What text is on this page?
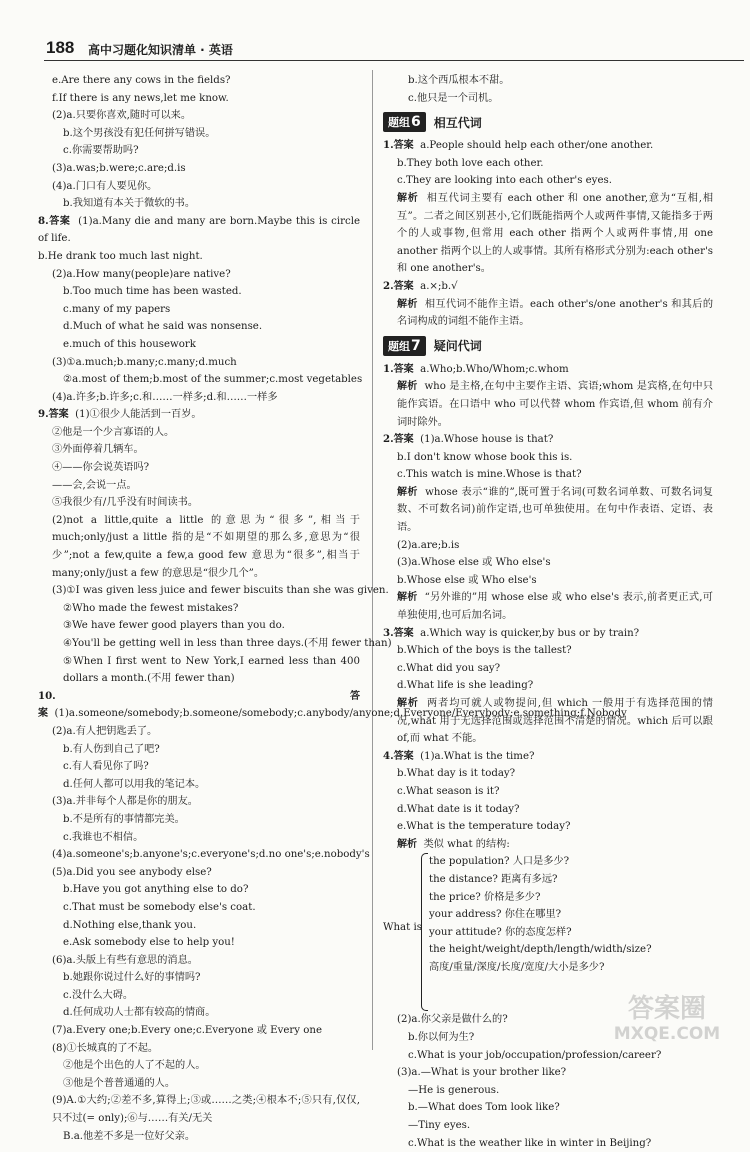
188 高中习题化知识清单 · 英语
e.Are there any cows in the fields?
f.If there is any news,let me know.
(2)a.只要你喜欢,随时可以来。
b.这个男孩没有犯任何拼写错误。
c.你需要帮助吗?
(3)a.was;b.were;c.are;d.is
(4)a.门口有人要见你。
b.我知道有本关于微软的书。
8.答案 (1)a.Many die and many are born.Maybe this is circle of life.
b.He drank too much last night.
(2)a.How many(people)are native?
b.Too much time has been wasted.
c.many of my papers
d.Much of what he said was nonsense.
e.much of this housework
(3)①a.much;b.many;c.many;d.much
②a.most of them;b.most of the summer;c.most vegetables
(4)a.许多;b.许多;c.和……一样多;d.和……一样多
9.答案 (1)①很少人能活到一百岁。
②他是一个少言寡语的人。
③外面停着几辆车。
④——你会说英语吗?
——会,会说一点。
⑤我很少有/几乎没有时间读书。
(2)not a little,quite a little 的意思为“很多”,相当于 much;only/just a little 指的是“不如期望的那么多,意思为“很少”;not a few,quite a few,a good few 意思为“很多”,相当于 many;only/just a few 的意思是“很少几个”。
(3)①I was given less juice and fewer biscuits than she was given.
②Who made the fewest mistakes?
③We have fewer good players than you do.
④You'll be getting well in less than three days.(不用 fewer than)
⑤When I first went to New York,I earned less than 400 dollars a month.(不用 fewer than)
10.答案 (1)a.someone/somebody;b.someone/somebody;c.anybody/anyone;d.Everyone/Everybody;e.something;f.Nobody
(2)a.有人把钥匙丢了。
b.有人伤到自己了吧?
c.有人看见你了吗?
d.任何人都可以用我的笔记本。
(3)a.并非每个人都是你的朋友。
b.不是所有的事情都完美。
c.我谁也不相信。
(4)a.someone's;b.anyone's;c.everyone's;d.no one's;e.nobody's
(5)a.Did you see anybody else?
b.Have you got anything else to do?
c.That must be somebody else's coat.
d.Nothing else,thank you.
e.Ask somebody else to help you!
(6)a.头版上有些有意思的消息。
b.她跟你说过什么好的事情吗?
c.没什么大碍。
d.任何成功人士都有较高的情商。
(7)a.Every one;b.Every one;c.Everyone 或 Every one
(8)①长城真的了不起。
②他是个出色的人了不起的人。
③他是个普普通通的人。
(9)A.①大约;②差不多,算得上;③或……之类;④根本不;⑤只有,仅仅,只不过(= only);⑥与……有关/无关
B.a.他差不多是一位好父亲。
b.这个西瓜根本不甜。
c.他只是一个司机。
题组6	相互代词
1.答案 a.People should help each other/one another.
b.They both love each other.
c.They are looking into each other's eyes.
解析 相互代词主要有 each other 和 one another,意为“互相,相互”。二者之间区别甚小,它们既能指两个人或两件事情,又能指多于两个的人或事物,但常用 each other 指两个人或两件事情,用 one another 指两个以上的人或事情。其所有格形式分别为:each other's 和 one another's。
2.答案 a.×;b.√
解析 相互代词不能作主语。each other's/one another's 和其后的名词构成的词组不能作主语。
题组7	疑问代词
1.答案 a.Who;b.Who/Whom;c.whom
解析 who 是主格,在句中主要作主语、宾语;whom 是宾格,在句中只能作宾语。在口语中 who 可以代替 whom 作宾语,但 whom 前有介词时除外。
2.答案 (1)a.Whose house is that?
b.I don't know whose book this is.
c.This watch is mine.Whose is that?
解析 whose 表示“谁的”,既可置于名词(可数名词单数、可数名词复数、不可数名词)前作定语,也可单独使用。在句中作表语、定语、表语。
(2)a.are;b.is
(3)a.Whose else 或 Who else's
b.Whose else 或 Who else's
解析 “另外谁的”用 whose else 或 who else's 表示,前者更正式,可单独使用,也可后加名词。
3.答案 a.Which way is quicker,by bus or by train?
b.Which of the boys is the tallest?
c.What did you say?
d.What life is she leading?
解析 两者均可就人或物提问,但 which 一般用于有选择范围的情况,what 用于无选择范围或选择范围不清楚的情况。which 后可以跟 of,而 what 不能。
4.答案 (1)a.What is the time?
b.What day is it today?
c.What season is it?
d.What date is it today?
e.What is the temperature today?
解析 类似 what 的结构:
What is
the population? 人口是多少?
the distance? 距离有多远?
the price? 价格是多少?
your address? 你住在哪里?
your attitude? 你的态度怎样?
the height/weight/depth/length/width/size?
高度/重量/深度/长度/宽度/大小是多少?
(2)a.你父亲是做什么的?
b.你以何为生?
c.What is your job/occupation/profession/career?
(3)a.—What is your brother like?
—He is generous.
b.—What does Tom look like?
—Tiny eyes.
c.What is the weather like in winter in Beijing?
答案圈
MXQE.COM
